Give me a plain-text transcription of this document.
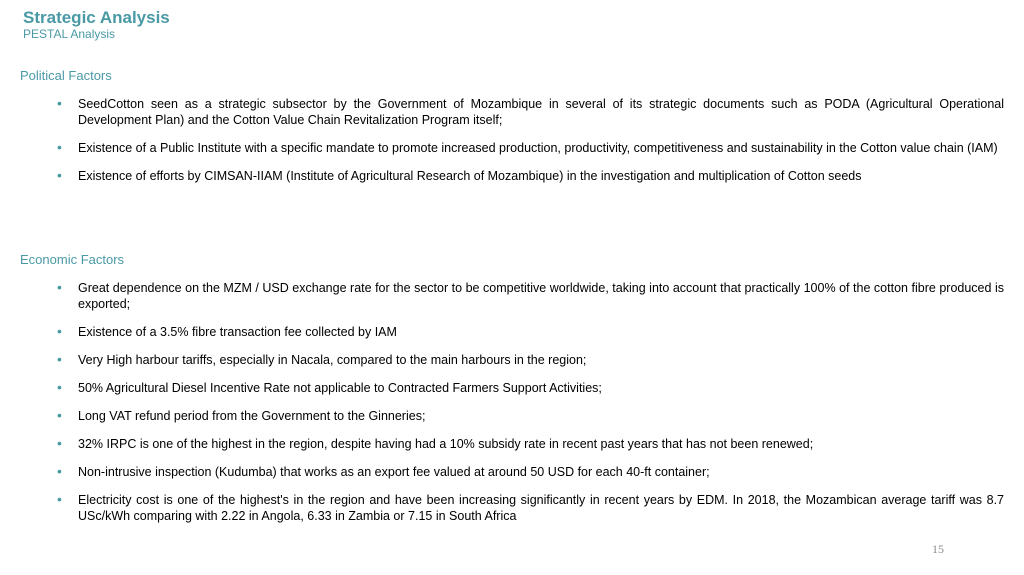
Strategic Analysis
PESTAL Analysis
Political Factors
• SeedCotton seen as a strategic subsector by the Government of Mozambique in several of its strategic documents such as PODA (Agricultural Operational Development Plan) and the Cotton Value Chain Revitalization Program itself;
• Existence of a Public Institute with a specific mandate to promote increased production, productivity, competitiveness and sustainability in the Cotton value chain (IAM)
• Existence of efforts by CIMSAN-IIAM (Institute of Agricultural Research of Mozambique) in the investigation and multiplication of Cotton seeds
Economic Factors
• Great dependence on the MZM / USD exchange rate for the sector to be competitive worldwide, taking into account that practically 100% of the cotton fibre produced is exported;
• Existence of a 3.5% fibre transaction fee collected by IAM
• Very High harbour tariffs, especially in Nacala, compared to the main harbours in the region;
• 50% Agricultural Diesel Incentive Rate not applicable to Contracted Farmers Support Activities;
• Long VAT refund period from the Government to the Ginneries;
• 32% IRPC is one of the highest in the region, despite having had a 10% subsidy rate in recent past years that has not been renewed;
• Non-intrusive inspection (Kudumba) that works as an export fee valued at around 50 USD for each 40-ft container;
• Electricity cost is one of the highest's in the region and have been increasing significantly in recent years by EDM. In 2018, the Mozambican average tariff was 8.7 USc/kWh comparing with 2.22 in Angola, 6.33 in Zambia or 7.15 in South Africa
15
